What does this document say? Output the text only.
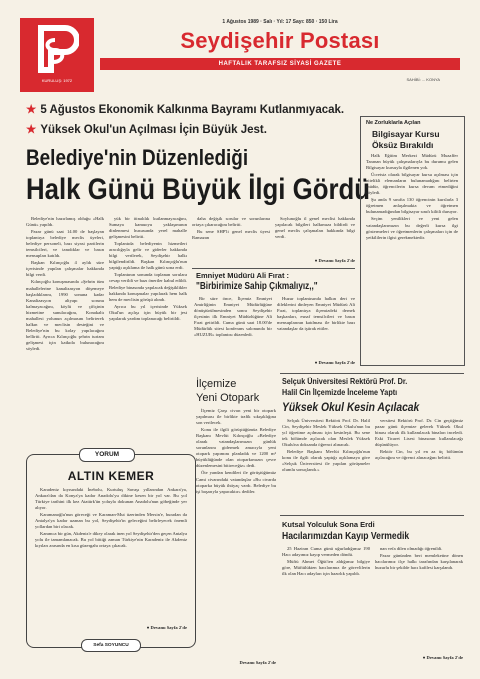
KURULUŞ: 1972
1 Ağustos 1989 · Salı · Yıl: 17 Sayı: 850 · 150 Lira
Seydişehir Postası
HAFTALIK TARAFSIZ SİYASİ GAZETE
SAHİBİ: ... KONYA
★ 5 Ağustos Ekonomik Kalkınma Bayramı Kutlanmıyacak.
★ Yüksek Okul'un Açılması İçin Büyük Jest.
Belediye'nin Düzenlediği
Halk Günü Büyük İlgi Gördü

Belediye'nin hazırlamış olduğu «Halk Günü» yapıldı.

Pazar günü saat 14.00 de başlayan toplantıya belediye meclis üyeleri, belediye personeli, bazı siyasi partilerin temsilcileri, ve tanıdıklar ve basın mensupları katıldı.

Başkan Kılınçoğlu 4 aylık süre içerisinde yapılan çalışmalar hakkında bilgi verdi.

Kılınçoğlu konuşmasında «Şehrin tüm mahallelerine kanalizasyon döşemeye başladıklarını, 1990 sonuna kadar Kanalizasyon altyapı sorunu kalmayacağını, köylü ve çiftçinin hizmetine sunulacağını, Konakaltı mahallesi yolunun açılmasını belirterek halkın ve meclisin desteğini ve Belediye'nin bu kolay yapılacağını bellirtti. Ayrıca Kılınçoğlu şehrin turizm gelişmesi için katkıda bulunacağını söyledi.

yük bir itinalılık kutlanmayacağını, Sumaya kamuoyu yaklaşımının dinlenmesi hususunda yerel mahalle gelişmesini belirtti.

Toplantıda belediyenin hizmetleri aracılığıyla gelir ve giderler hakkında bilgi verilerek, Seydişehir halkı bilgilendirildi. Başkan Kılınçoğlu'nun yaptığı açıklama ile halk günü sona erdi.

Toplantının sonunda toplanan sorulara cevap verildi ve bazı öneriler kabul edildi. Belediye binasında yapılacak değişiklikler hakkında konuşmalar yapılarak hem halk hem de meclisin görüşü alındı.

Ayrıca bu yıl içerisinde Yüksek Okul'un açılışı için büyük bir jest yapılarak yardım toplanacağı belirtildi.

daha değişik sorular ve sorunlarına ortaya çıkaracağını belirtti.

Bu sene SHP'li genel meclis üyesi Ramazan

Soylunoğlu il genel meclisi hakkında yapılacak bilgileri halkımıza bildirdi ve genel meclis çalışmaları hakkında bilgi verdi.

● Devamı Sayfa 2'de

Emniyet Müdürü Ali Fırat :
"Birbirimize Sahip Çıkmalıyız,,"

Bir süre önce, İlçemiz Emniyet Amirliğinin Emniyet Müdürlüğüne dönüştürülmesinden sonra Seydişehir ilçesinin ilk Emniyet Müdürlüğüne Ali Fırat getirildi. Cuma günü saat 18.00'de Müdürlük sitesi konferans salonunda bir «HUZUR» toplantısı düzenledi.

Huzur toplantısında halkın dert ve dileklerini dinleyen Emniyet Müdürü Ali Fırat, toplantıya ilçemizdeki dernek başkanları, esnaf temsilcileri ve basın mensuplarının katılması ile birlikte bazı vatandaşlar da iştirak ettiler.

● Devamı Sayfa 2'de

İlçemize
Yeni Otopark

İlçemiz Çarşı civarı yeni bir otopark yapılması ile birlikte trafik sıkışıklığına son verilecek.

Konu ile ilgili görüştüğümüz Belediye Başkanı Mevlüt Kılınçoğlu «Belediye olarak vatandaşlarımızın günlük sorunlarını gidermek amacıyla yeni otopark yapımını planladık ve 1200 m² büyüklüğünde olan otoparkımızın çevre düzenlemesini bitireceğiz» dedi.

Öte yandan kendileri ile görüştüğümüz Cami civarındaki vatandaşlar «Bu civarda otoparka büyük ihtiyaç vardı. Belediye bu işi başarıyla yapacaktır» dediler.

Devamı Sayfa 2'de

Ne Zorluklarla Açılan
Bilgisayar Kursu
Öksüz Bırakıldı

Halk Eğitim Merkezi Müdürü Muzaffer Taranan büyük çalışmalarıyla bu durumu gelen Bilgisayar kursuyla ilgilenen yok.

Ücretsiz olarak bilgisayar kursu açılması için nitelikli elemanların bulunamadığını belirten müdür, öğrencilerin kursa devam etmediğini söyledi.

Şu anda 9 sınıfta 130 öğrencinin kurslarla 3 öğretmen anlaşılmakta ve öğretmen bulunamadığından bilgisayar sınıfı kilitli duruyor.

Seçim yenilikleri ve yeni gelen vatandaşlarımızın bu değerli kursa ilgi göstermeleri ve öğretmenlerin çalışmaları için de yetkililerin ilgisi gerekmektedir.

Selçuk Üniversitesi Rektörü Prof. Dr.
Halil Cin İlçemizde İnceleme Yaptı
Yüksek Okul Kesin Açılacak

Selçuk Üniversitesi Rektörü Prof. Dr. Halil Cin, Seydişehir Meslek Yüksek Okulu'nun bu yıl öğretime açılması için kesinleşti. Bu sene tek bölümde açılacak olan Meslek Yüksek Okulu'na doksanda öğrenci alınacak.

Belediye Başkanı Mevlüt Kılınçoğlu'nun konu ile ilgili olarak yaptığı açıklamaya göre «Selçuk Üniversitesi ile yapılan görüşmeler olumlu sonuçlandı.»

versitesi Rektörü Prof. Dr. Cin geçtiğimiz pazar günü ilçemize gelerek Yüksek Okul binası olarak ilk kullanılacak binaları inceledi. Eski Ticaret Lisesi binasının kullanılacağı düşünülüyor.

Rektör Cin, bu yıl en az üç bölümün açılacağını ve öğrenci alınacağını belirtti.

Kutsal Yolculuk Sona Erdi
Hacılarımızdan Kayıp Vermedik

25 Haziran Cuma günü uğurladığımız 190 Hacı adayımız kayıp vermeden döndü.

Müftü Ahmet Öğüt'ten aldığımız bilgiye göre, Müftülükten hacılarımız ile görevlilerin ilk olan Hacı adayları için hazırlık yapıldı.

nan vefa dilen olmadığı öğrenildi.

Pazar gününden beri memleketine dönen hacılarımız ilçe halkı tarafından karşılanarak huzurlu bir şekilde hacı kafilesi karşılandı.

● Devamı Sayfa 2'de

YORUM
ALTIN KEMER

Karadeniz kıyısındaki İnebolu, Kurtuluş Savaşı yıllarından Ankara'ya, Ankara'dan da Konya'ya kadar Anadolu'yu dikine kesen bir yol var. Bu yol Türkiye tarihini ilk kez Atatürk'ün yoluyla dokunan Anadolu'nun göbeğinde yer alıyor.

Karamanoğlu'nun göreceği ve Karaman-Mut üzerinden Mersin'e, buradan da Antalya'ya kadar uzanan bu yol, Seydişehir'in geleceğini belirleyecek önemli yollardan biri olacak.

Kanımca bir gün, Akdeniz'e dikey olarak inen yol Seydişehir'den geçen Antalya yolu ile tamamlanacak. Bu yol bittiği zaman Türkiye'nin Karadeniz ile Akdeniz kıyıları arasında en kısa güzergahı ortaya çıkacak.

● Devamı Sayfa 2'de

Sefa SOYUNCU
